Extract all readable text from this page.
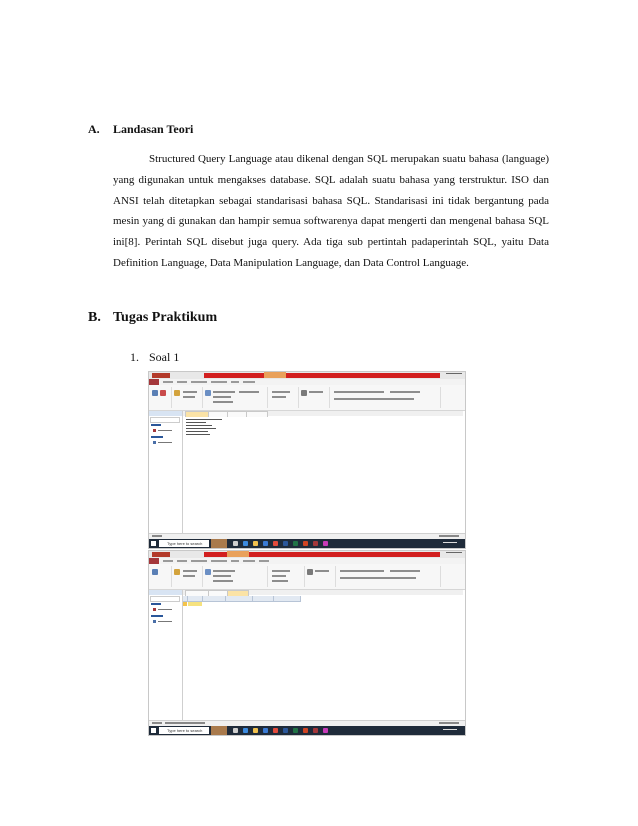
A. Landasan Teori

Structured Query Language atau dikenal dengan SQL merupakan suatu bahasa (language) yang digunakan untuk mengakses database. SQL adalah suatu bahasa yang terstruktur. ISO dan ANSI telah ditetapkan sebagai standarisasi bahasa SQL. Standarisasi ini tidak bergantung pada mesin yang di gunakan dan hampir semua softwarenya dapat mengerti dan mengenal bahasa SQL ini[8]. Perintah SQL disebut juga query. Ada tiga sub pertintah padaperintah SQL, yaitu Data Definition Language, Data Manipulation Language, dan Data Control Language.

B. Tugas Praktikum
1. Soal 1
Type here to search
Type here to search
